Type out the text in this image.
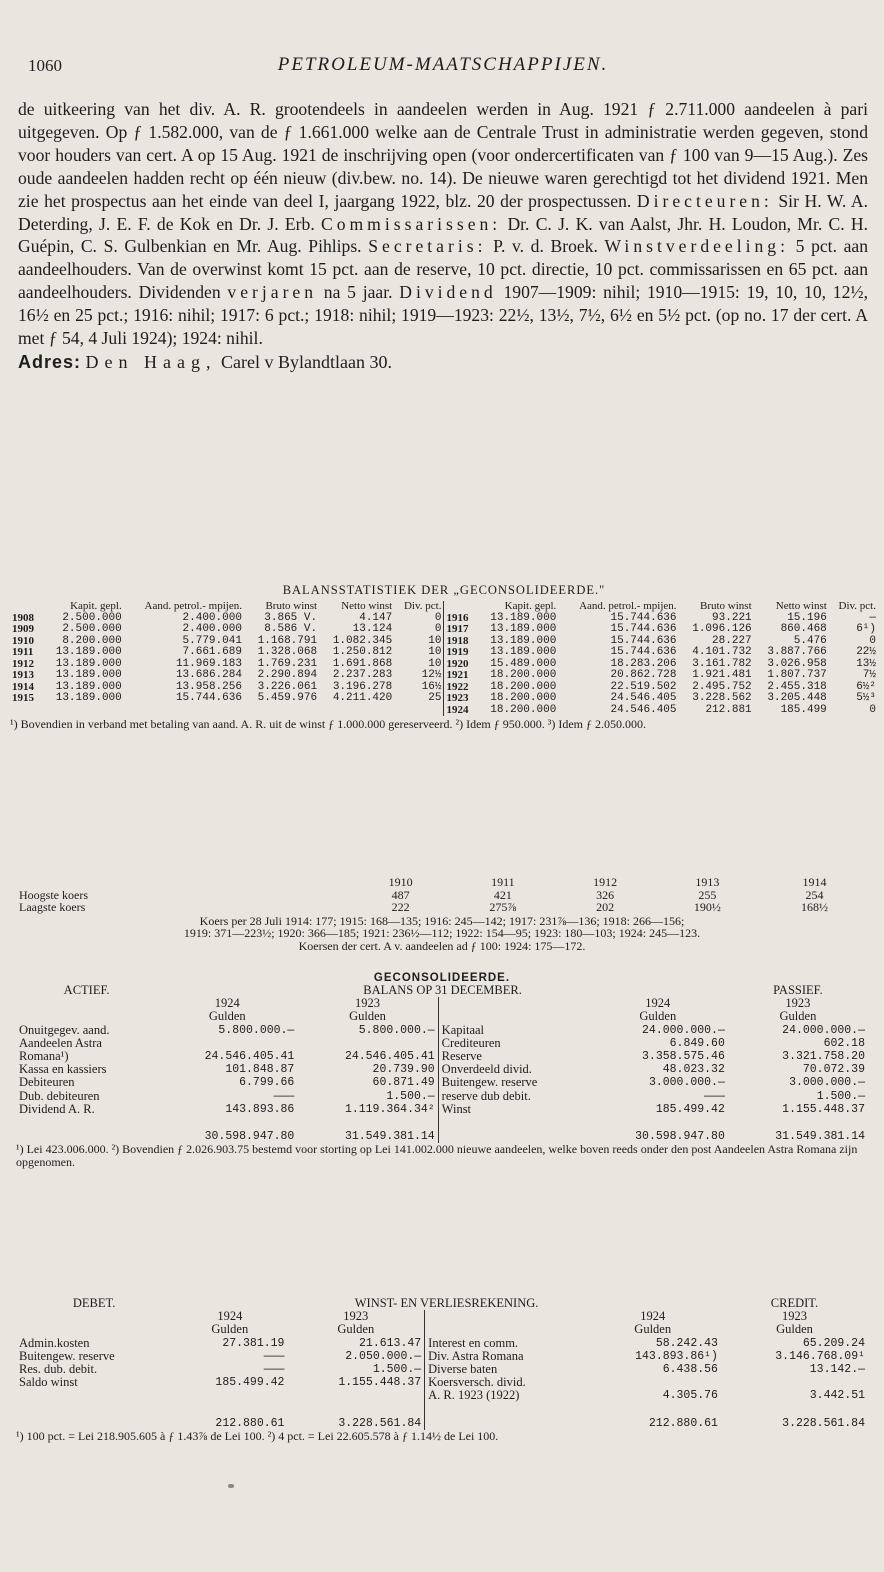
1060	PETROLEUM-MAATSCHAPPIJEN.

de uitkeering van het div. A. R. grootendeels in aandeelen werden in Aug. 1921 ƒ 2.711.000 aandeelen à pari uitgegeven. Op ƒ 1.582.000, van de ƒ 1.661.000 welke aan de Centrale Trust in administratie werden gegeven, stond voor houders van cert. A op 15 Aug. 1921 de inschrijving open (voor ondercertificaten van ƒ 100 van 9—15 Aug.). Zes oude aandeelen hadden recht op één nieuw (div.bew. no. 14). De nieuwe waren gerechtigd tot het dividend 1921. Men zie het prospectus aan het einde van deel I, jaargang 1922, blz. 20 der prospectussen. Directeuren: Sir H. W. A. Deterding, J. E. F. de Kok en Dr. J. Erb. Commissarissen: Dr. C. J. K. van Aalst, Jhr. H. Loudon, Mr. C. H. Guépin, C. S. Gulbenkian en Mr. Aug. Pihlips. Secretaris: P. v. d. Broek. Winstverdeeling: 5 pct. aan aandeelhouders. Van de overwinst komt 15 pct. aan de reserve, 10 pct. directie, 10 pct. commissarissen en 65 pct. aan aandeelhouders. Dividenden verjaren na 5 jaar. Dividend 1907—1909: nihil; 1910—1915: 19, 10, 10, 12½, 16½ en 25 pct.; 1916: nihil; 1917: 6 pct.; 1918: nihil; 1919—1923: 22½, 13½, 7½, 6½ en 5½ pct. (op no. 17 der cert. A met ƒ 54, 4 Juli 1924); 1924: nihil.

Adres: Den Haag, Carel v Bylandtlaan 30.

BALANSSTATISTIEK DER „GECONSOLIDEERDE."
	Kapit. gepl.	Aand. petrol.- mpijen.	Bruto winst	Netto winst	Div. pct.		Kapit. gepl.	Aand. petrol.- mpijen.	Bruto winst	Netto winst	Div. pct.
1908	2.500.000	2.400.000	3.865 V.	4.147	0	1916	13.189.000	15.744.636	93.221	15.196	—
1909	2.500.000	2.400.000	8.586 V.	13.124	0	1917	13.189.000	15.744.636	1.096.126	860.468	6¹)
1910	8.200.000	5.779.041	1.168.791	1.082.345	10	1918	13.189.000	15.744.636	28.227	5.476	0
1911	13.189.000	7.661.689	1.328.068	1.250.812	10	1919	13.189.000	15.744.636	4.101.732	3.887.766	22½
1912	13.189.000	11.969.183	1.769.231	1.691.868	10	1920	15.489.000	18.283.206	3.161.782	3.026.958	13½
1913	13.189.000	13.686.284	2.290.894	2.237.283	12½	1921	18.200.000	20.862.728	1.921.481	1.807.737	7½
1914	13.189.000	13.958.256	3.226.061	3.196.278	16½	1922	18.200.000	22.519.502	2.495.752	2.455.318	6½²
1915	13.189.000	15.744.636	5.459.976	4.211.420	25	1923	18.200.000	24.546.405	3.228.562	3.205.448	5½³
						1924	18.200.000	24.546.405	212.881	185.499	0
¹) Bovendien in verband met betaling van aand. A. R. uit de winst ƒ 1.000.000 gereserveerd. ²) Idem ƒ 950.000. ³) Idem ƒ 2.050.000.
	1910	1911	1912	1913	1914
Hoogste koers	487	421	326	255	254
Laagste koers	222	275⅞	202	190½	168½
Koers per 28 Juli 1914: 177; 1915: 168—135; 1916: 245—142; 1917: 231⅞—136; 1918: 266—156;
1919: 371—223½; 1920: 366—185; 1921: 236½—112; 1922: 154—95; 1923: 180—103; 1924: 245—123.
Koersen der cert. A v. aandeelen ad ƒ 100: 1924: 175—172.
GECONSOLIDEERDE.
ACTIEF.	BALANS OP 31 DECEMBER.				PASSIEF.
	1924	1923		1924	1923
	Gulden	Gulden		Gulden	Gulden
Onuitgegev. aand.	5.800.000.—	5.800.000.—	Kapitaal	24.000.000.—	24.000.000.—
Aandeelen Astra			Crediteuren	6.849.60	602.18
Romana¹)	24.546.405.41	24.546.405.41	Reserve	3.358.575.46	3.321.758.20
Kassa en kassiers	101.848.87	20.739.90	Onverdeeld divid.	48.023.32	70.072.39
Debiteuren	6.799.66	60.871.49	Buitengew. reserve	3.000.000.—	3.000.000.—
Dub. debiteuren	———	1.500.—	reserve dub debit.	———	1.500.—
Dividend A. R.	143.893.86	1.119.364.34²	Winst	185.499.42	1.155.448.37
	30.598.947.80	31.549.381.14		30.598.947.80	31.549.381.14
¹) Lei 423.006.000. ²) Bovendien ƒ 2.026.903.75 bestemd voor storting op Lei 141.002.000 nieuwe aandeelen, welke boven reeds onder den post Aandeelen Astra Romana zijn opgenomen.
DEBET.	WINST- EN VERLIESREKENING.				CREDIT.
	1924	1923		1924	1923
	Gulden	Gulden		Gulden	Gulden
Admin.kosten	27.381.19	21.613.47	Interest en comm.	58.242.43	65.209.24
Buitengew. reserve	———	2.050.000.—	Div. Astra Romana	143.893.86¹)	3.146.768.09¹
Res. dub. debit.	———	1.500.—	Diverse baten	6.438.56	13.142.—
Saldo winst	185.499.42	1.155.448.37	Koersversch. divid.		
			A. R. 1923 (1922)	4.305.76	3.442.51
	212.880.61	3.228.561.84		212.880.61	3.228.561.84
¹) 100 pct. = Lei 218.905.605 à ƒ 1.43⅞ de Lei 100. ²) 4 pct. = Lei 22.605.578 à ƒ 1.14½ de Lei 100.
